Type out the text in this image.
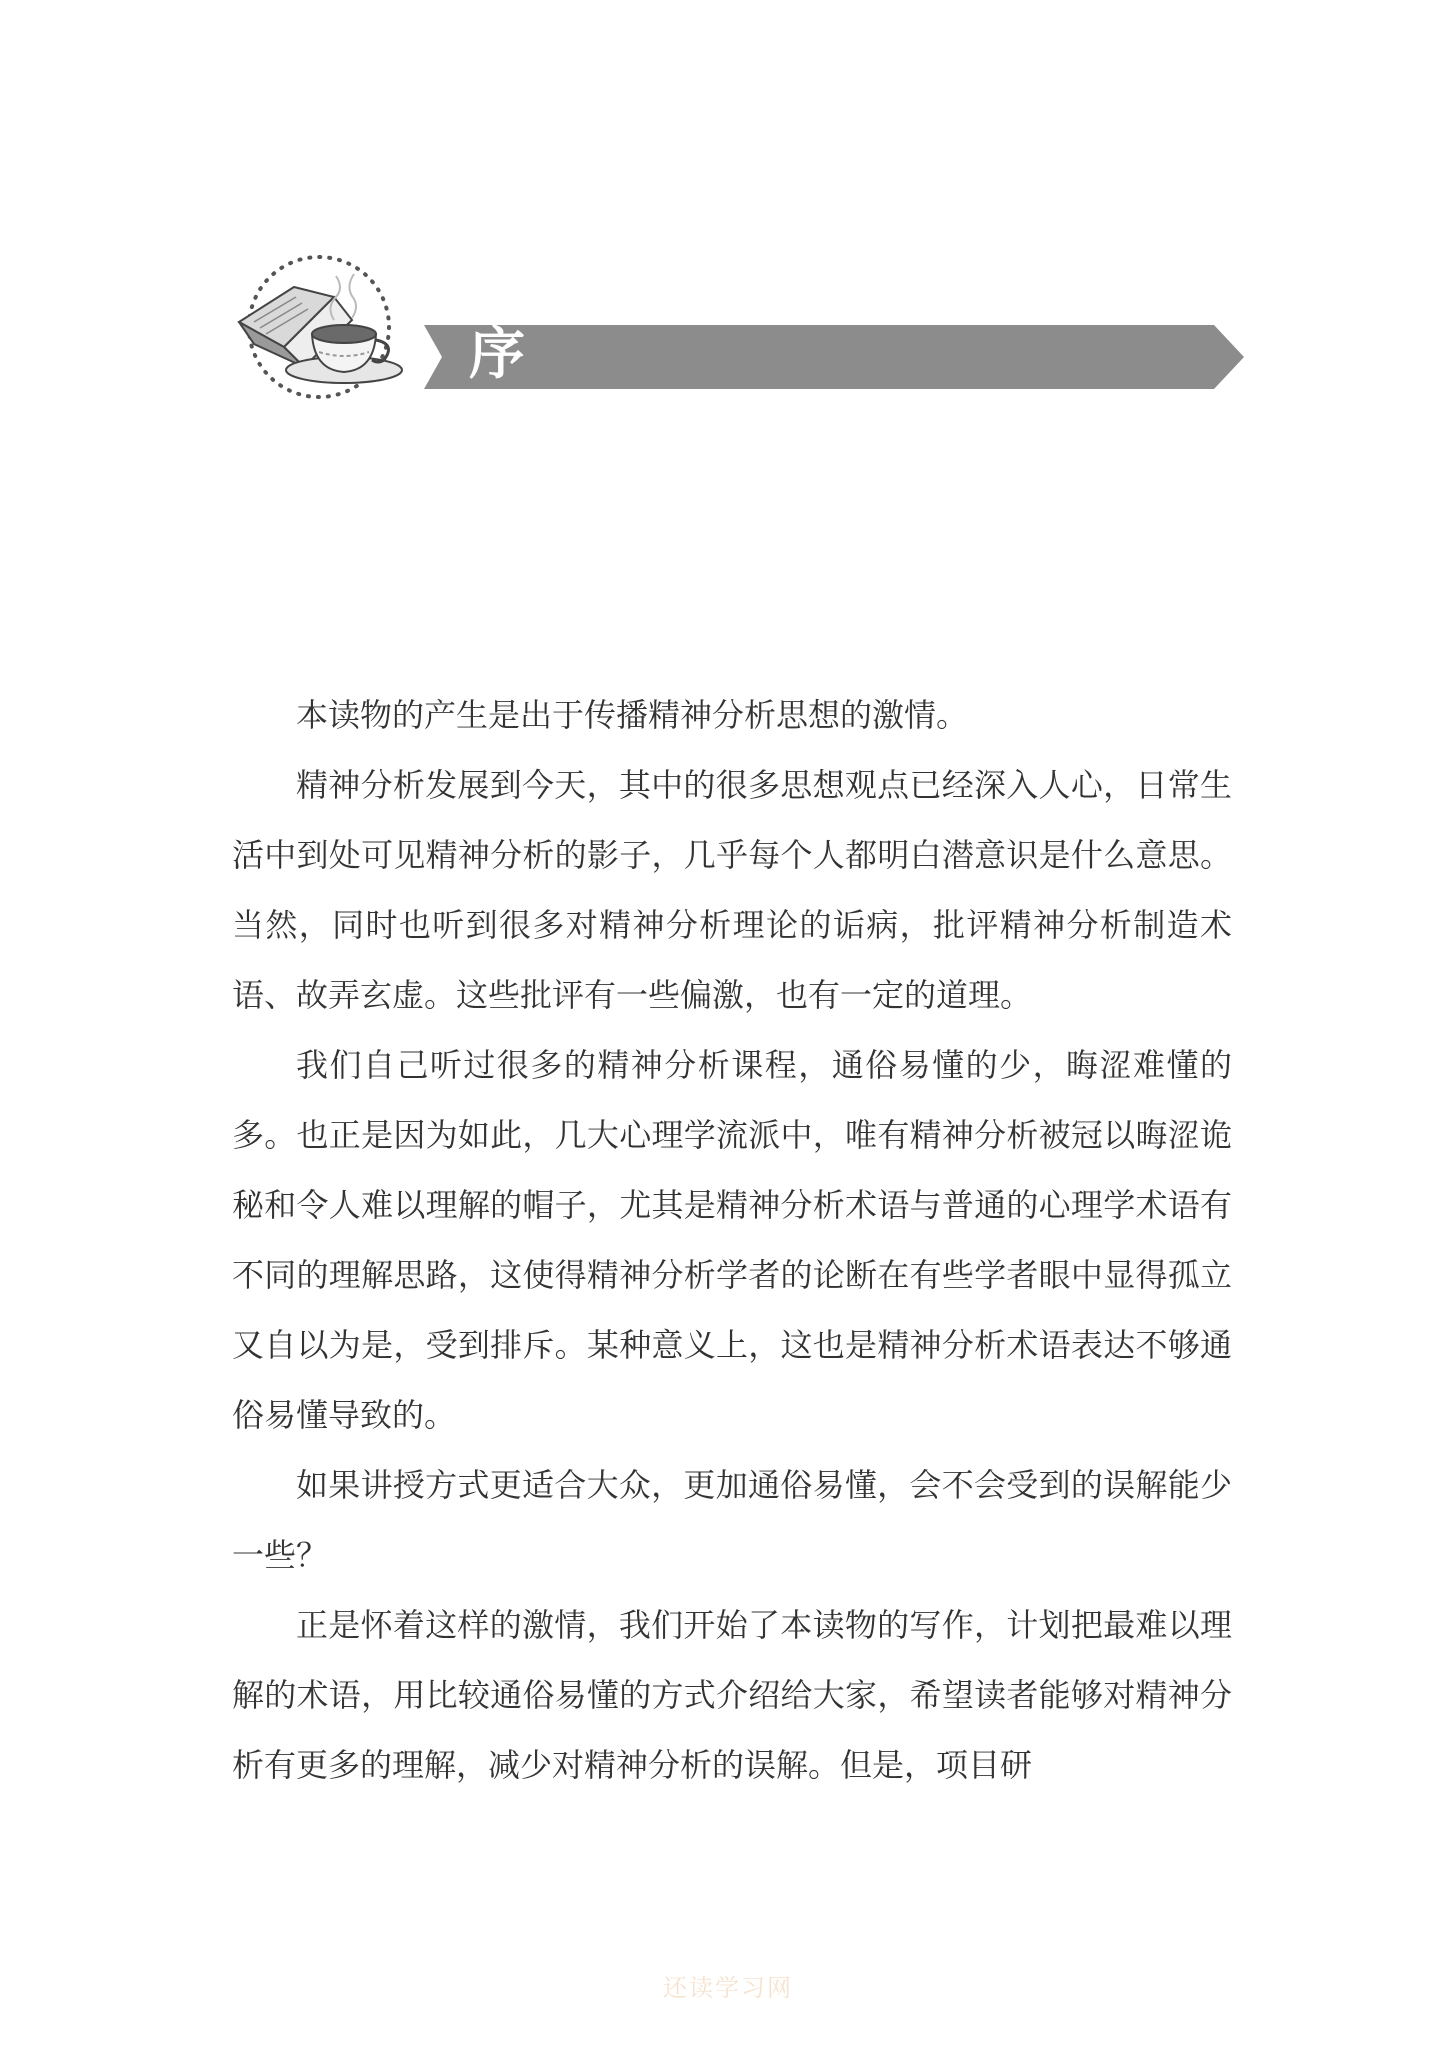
序

本读物的产生是出于传播精神分析思想的激情。

精神分析发展到今天，其中的很多思想观点已经深入人心，日常生活中到处可见精神分析的影子，几乎每个人都明白潜意识是什么意思。当然，同时也听到很多对精神分析理论的诟病，批评精神分析制造术语、故弄玄虚。这些批评有一些偏激，也有一定的道理。

我们自己听过很多的精神分析课程，通俗易懂的少，晦涩难懂的多。也正是因为如此，几大心理学流派中，唯有精神分析被冠以晦涩诡秘和令人难以理解的帽子，尤其是精神分析术语与普通的心理学术语有不同的理解思路，这使得精神分析学者的论断在有些学者眼中显得孤立又自以为是，受到排斥。某种意义上，这也是精神分析术语表达不够通俗易懂导致的。

如果讲授方式更适合大众，更加通俗易懂，会不会受到的误解能少一些？

正是怀着这样的激情，我们开始了本读物的写作，计划把最难以理解的术语，用比较通俗易懂的方式介绍给大家，希望读者能够对精神分析有更多的理解，减少对精神分析的误解。但是，项目研

还读学习网
